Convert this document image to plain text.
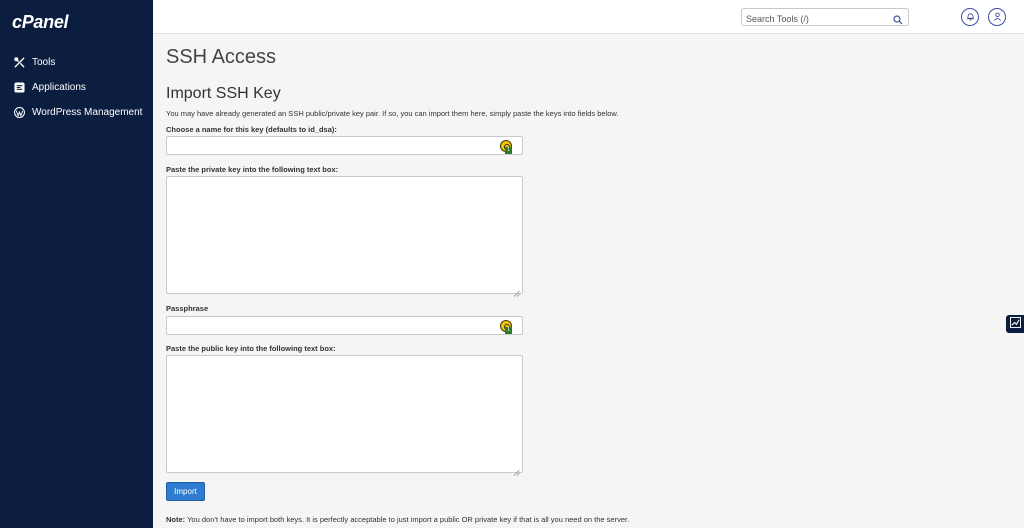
cPanel
Tools
Applications
WordPress Management
Search Tools (/)
SSH Access
Import SSH Key

You may have already generated an SSH public/private key pair. If so, you can import them here, simply paste the keys into fields below.

Choose a name for this key (defaults to id_dsa):
1
Paste the private key into the following text box:
Passphrase
1
Paste the public key into the following text box:
Import

Note: You don’t have to import both keys. It is perfectly acceptable to just import a public OR private key if that is all you need on the server.
